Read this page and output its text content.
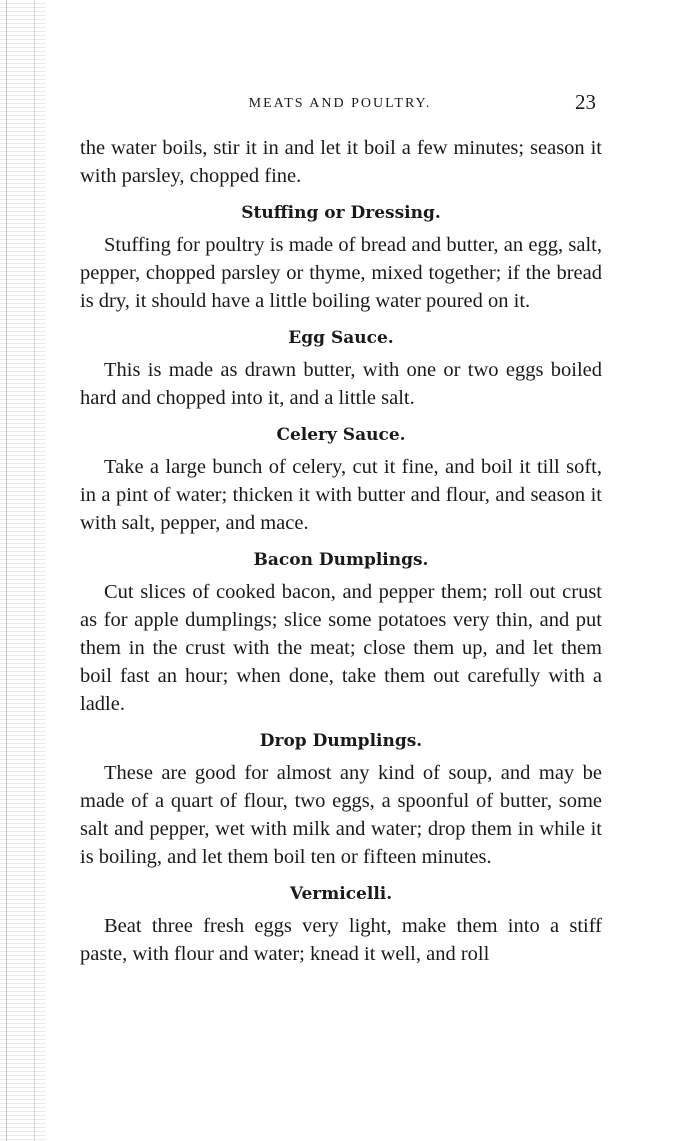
MEATS AND POULTRY.	23

the water boils, stir it in and let it boil a few minutes; season it with parsley, chopped fine.

Stuffing or Dressing.

Stuffing for poultry is made of bread and butter, an egg, salt, pepper, chopped parsley or thyme, mixed together; if the bread is dry, it should have a little boiling water poured on it.

Egg Sauce.

This is made as drawn butter, with one or two eggs boiled hard and chopped into it, and a little salt.

Celery Sauce.

Take a large bunch of celery, cut it fine, and boil it till soft, in a pint of water; thicken it with butter and flour, and season it with salt, pepper, and mace.

Bacon Dumplings.

Cut slices of cooked bacon, and pepper them; roll out crust as for apple dumplings; slice some potatoes very thin, and put them in the crust with the meat; close them up, and let them boil fast an hour; when done, take them out carefully with a ladle.

Drop Dumplings.

These are good for almost any kind of soup, and may be made of a quart of flour, two eggs, a spoonful of butter, some salt and pepper, wet with milk and water; drop them in while it is boiling, and let them boil ten or fifteen minutes.

Vermicelli.

Beat three fresh eggs very light, make them into a stiff paste, with flour and water; knead it well, and roll
